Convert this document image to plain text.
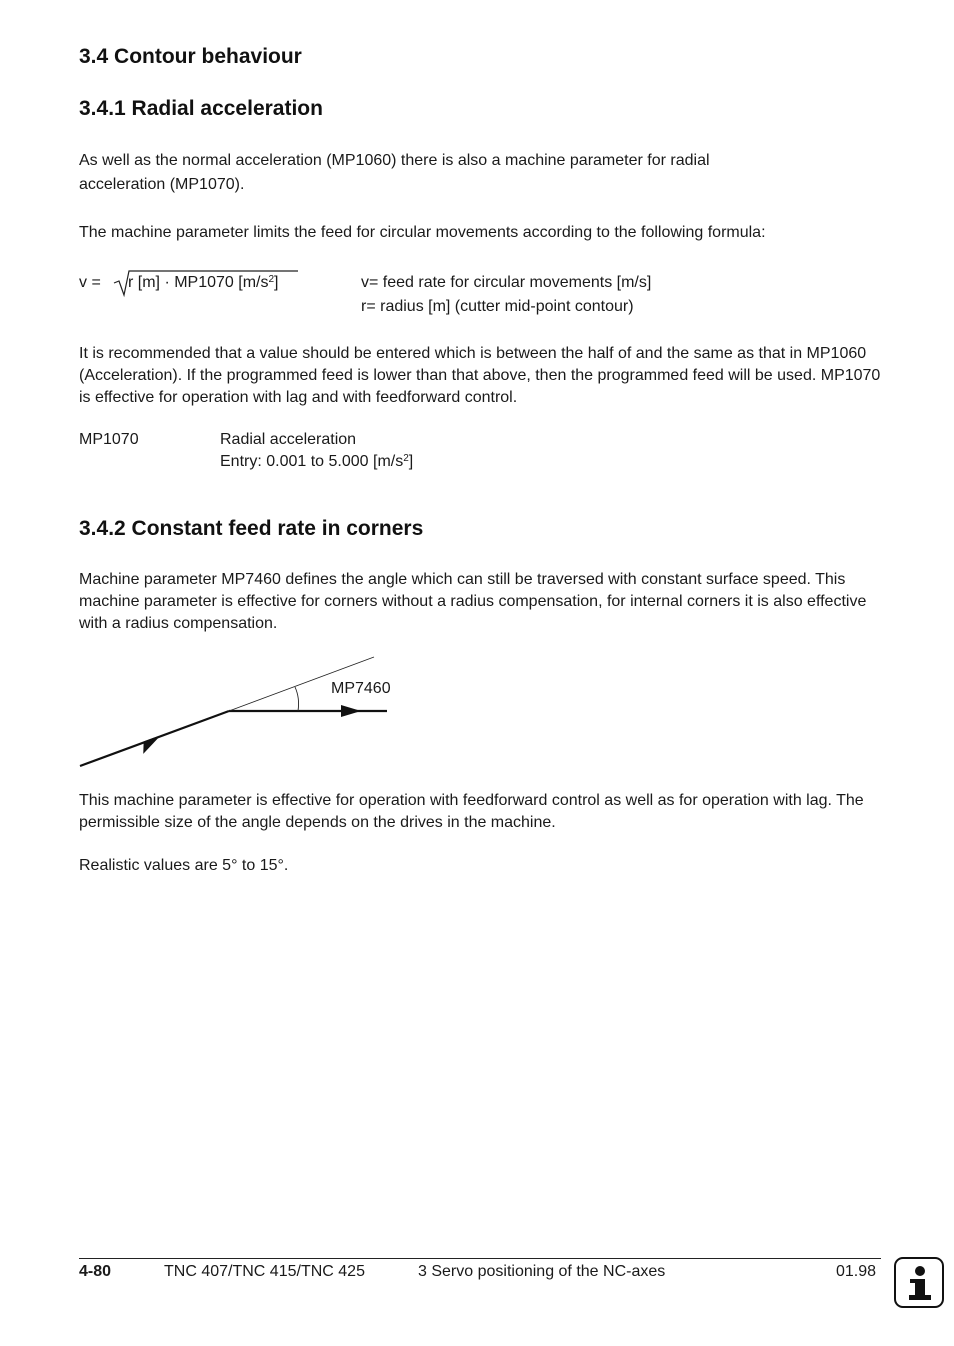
3.4 Contour behaviour
3.4.1 Radial acceleration
As well as the normal acceleration (MP1060) there is also a machine parameter for radial
acceleration (MP1070).
The machine parameter limits the feed for circular movements according to the following formula:
v = r [m] · MP1070 $[m/s^2]$	v= feed rate for circular movements [m/s]
r= radius [m] (cutter mid-point contour)
It is recommended that a value should be entered which is between the half of and the same as that in MP1060 (Acceleration). If the programmed feed is lower than that above, then the programmed feed will be used. MP1070 is effective for operation with lag and with feedforward control.
MP1070	Radial acceleration
Entry: 0.001 to 5.000 $[m/s^2]$
3.4.2 Constant feed rate in corners
Machine parameter MP7460 defines the angle which can still be traversed with constant surface speed. This machine parameter is effective for corners without a radius compensation, for internal corners it is also effective with a radius compensation.
MP7460
This machine parameter is effective for operation with feedforward control as well as for operation with lag. The permissible size of the angle depends on the drives in the machine.
Realistic values are 5° to 15°.
4-80	TNC 407/TNC 415/TNC 425	3 Servo positioning of the NC-axes	01.98
